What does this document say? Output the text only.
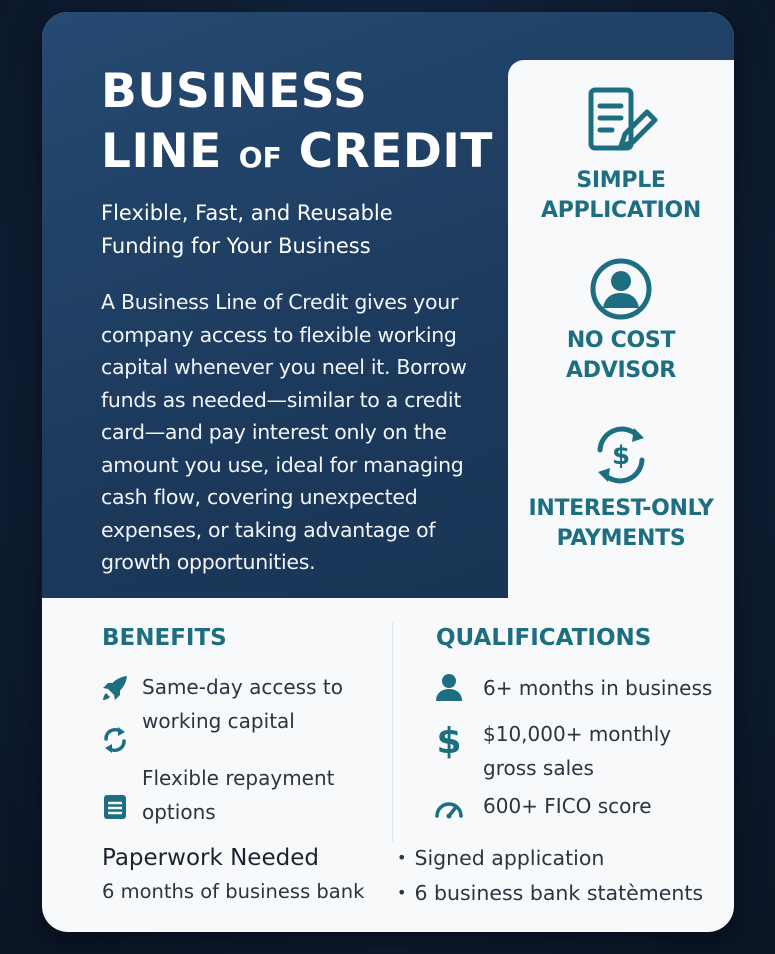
BUSINESS
LINE OF CREDIT
Flexible, Fast, and Reusable
Funding for Your Business

A Business Line of Credit gives your company access to flexible working capital whenever you neel it. Borrow funds as needed—similar to a credit card—and pay interest only on the amount you use, ideal for managing cash flow, covering unexpected expenses, or taking advantage of growth opportunities.

SIMPLE
APPLICATION
NO COST
ADVISOR
$
INTEREST-ONLY
PAYMENTS
BENEFITS
Same-day access to
working capital
Flexible repayment
options
QUALIFICATIONS
6+ months in business
$ $10,000+ monthly
gross sales
600+ FICO score
Paperwork Needed
6 months of business bank
• Signed application
• 6 business bank statèments
